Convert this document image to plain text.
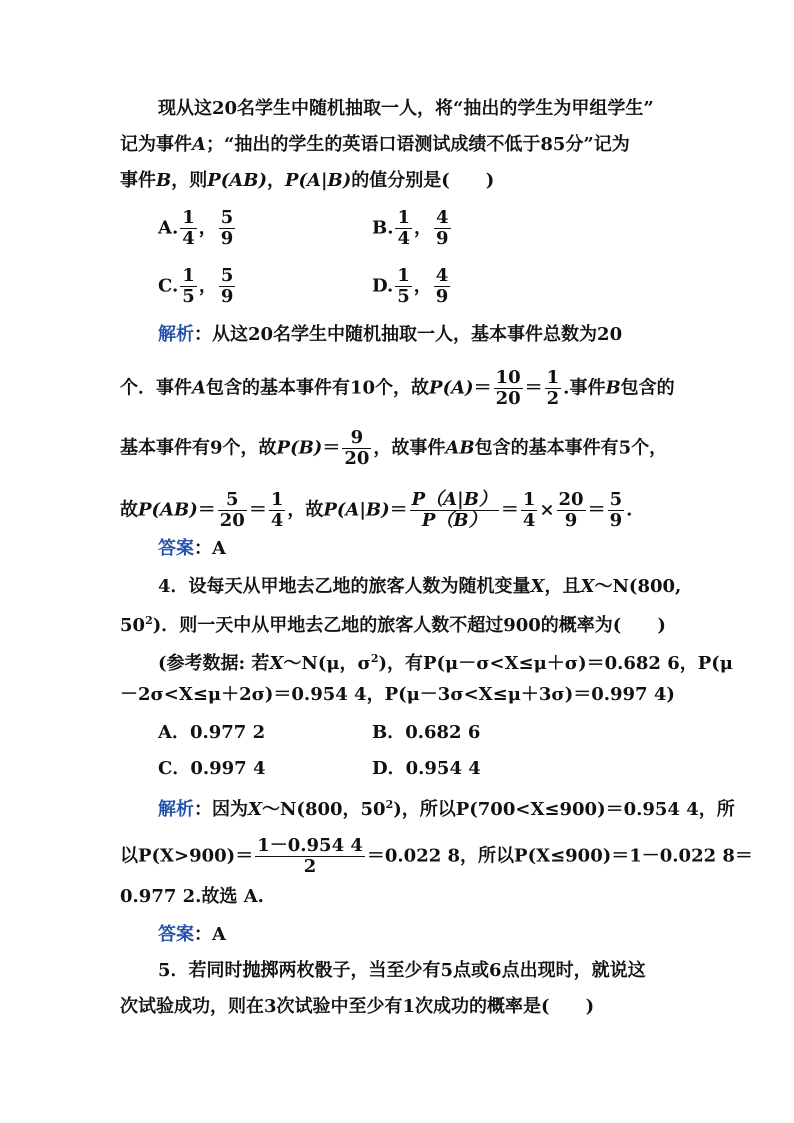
现从这20名学生中随机抽取一人，将“抽出的学生为甲组学生”
记为事件A；“抽出的学生的英语口语测试成绩不低于85分”记为
事件B，则P(AB)，P(A|B)的值分别是(　　)
A. $\frac{1}{4}$ ， $\frac{5}{9}$	B. $\frac{1}{4}$ ， $\frac{4}{9}$
C. $\frac{1}{5}$ ， $\frac{5}{9}$	D. $\frac{1}{5}$ ， $\frac{4}{9}$
解析：从这20名学生中随机抽取一人，基本事件总数为20
个．事件A包含的基本事件有10个，故$P(A)= \frac{10}{20} = \frac{1}{2}$ .事件B包含的
基本事件有9个，故$P(B)= \frac{9}{20}$ ，故事件AB包含的基本事件有5个，
故$P(AB)= \frac{5}{20} = \frac{1}{4}$ ，故$P(A|B)= \frac{P(A|B)}{P(B)} = \frac{1}{4} \times \frac{20}{9} = \frac{5}{9}$ .
答案：A
4．设每天从甲地去乙地的旅客人数为随机变量X，且X～N(800,
$50^2$)．则一天中从甲地去乙地的旅客人数不超过900的概率为(　　)
(参考数据: 若X～N(μ，$\sigma^2$)，有P(μ－σ<X≤μ＋σ)＝0.682 6，P(μ
－2σ<X≤μ＋2σ)＝0.954 4，P(μ－3σ<X≤μ＋3σ)＝0.997 4)
A．0.977 2	B．0.682 6
C．0.997 4	D．0.954 4
解析：因为X～N(800，$50^2$)，所以P(700<X≤900)＝0.954 4，所
以$P(X>900)= \frac{1-0.954 4}{2} =0.022$ 8，所以P(X≤900)＝1－0.022 8＝
0.977 2.故选 A.
答案：A
5．若同时抛掷两枚骰子，当至少有5点或6点出现时，就说这
次试验成功，则在3次试验中至少有1次成功的概率是(　　)
